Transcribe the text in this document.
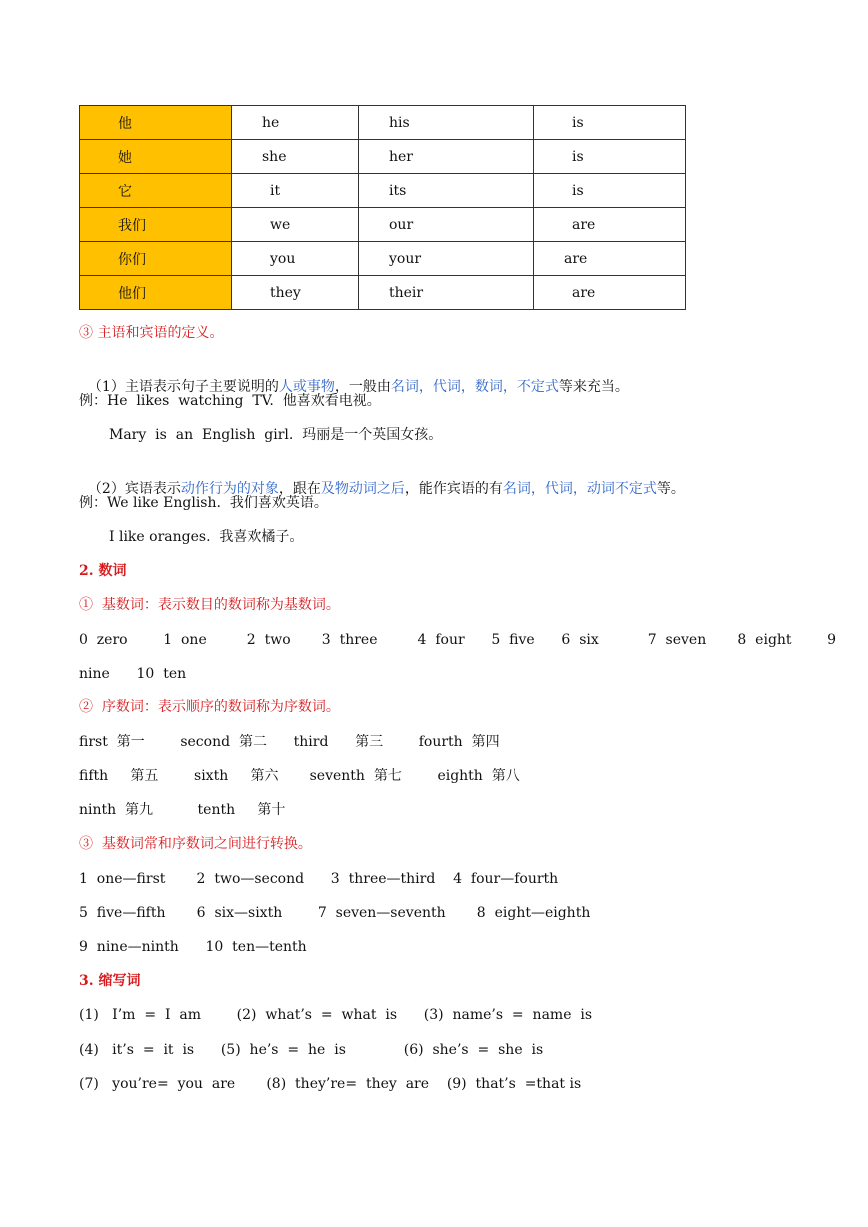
他	he	his	is
她	she	her	is
它	it	its	is
我们	we	our	are
你们	you	your	are
他们	they	their	are
③ 主语和宾语的定义。

（1）主语表示句子主要说明的人或事物，一般由名词，代词，数词，不定式等来充当。

例：He  likes  watching  TV.  他喜欢看电视。
Mary  is  an  English  girl.  玛丽是一个英国女孩。

（2）宾语表示动作行为的对象，跟在及物动词之后，能作宾语的有名词，代词，动词不定式等。

例：We like English.  我们喜欢英语。
I like oranges.  我喜欢橘子。
2. 数词
①  基数词：表示数目的数词称为基数词。
0  zero        1  one         2  two       3  three         4  four      5  five      6  six           7  seven       8  eight        9
nine      10  ten
②  序数词：表示顺序的数词称为序数词。
first  第一        second  第二      third      第三        fourth  第四
fifth     第五        sixth     第六       seventh  第七        eighth  第八
ninth  第九          tenth     第十
③  基数词常和序数词之间进行转换。
1  one—first       2  two—second      3  three—third    4  four—fourth
5  five—fifth       6  six—sixth        7  seven—seventh       8  eight—eighth
9  nine—ninth      10  ten—tenth
3. 缩写词
(1)   I’m  =  I  am        (2)  what’s  =  what  is      (3)  name’s  =  name  is
(4)   it’s  =  it  is      (5)  he’s  =  he  is             (6)  she’s  =  she  is
(7)   you’re=  you  are       (8)  they’re=  they  are    (9)  that’s  =that is
